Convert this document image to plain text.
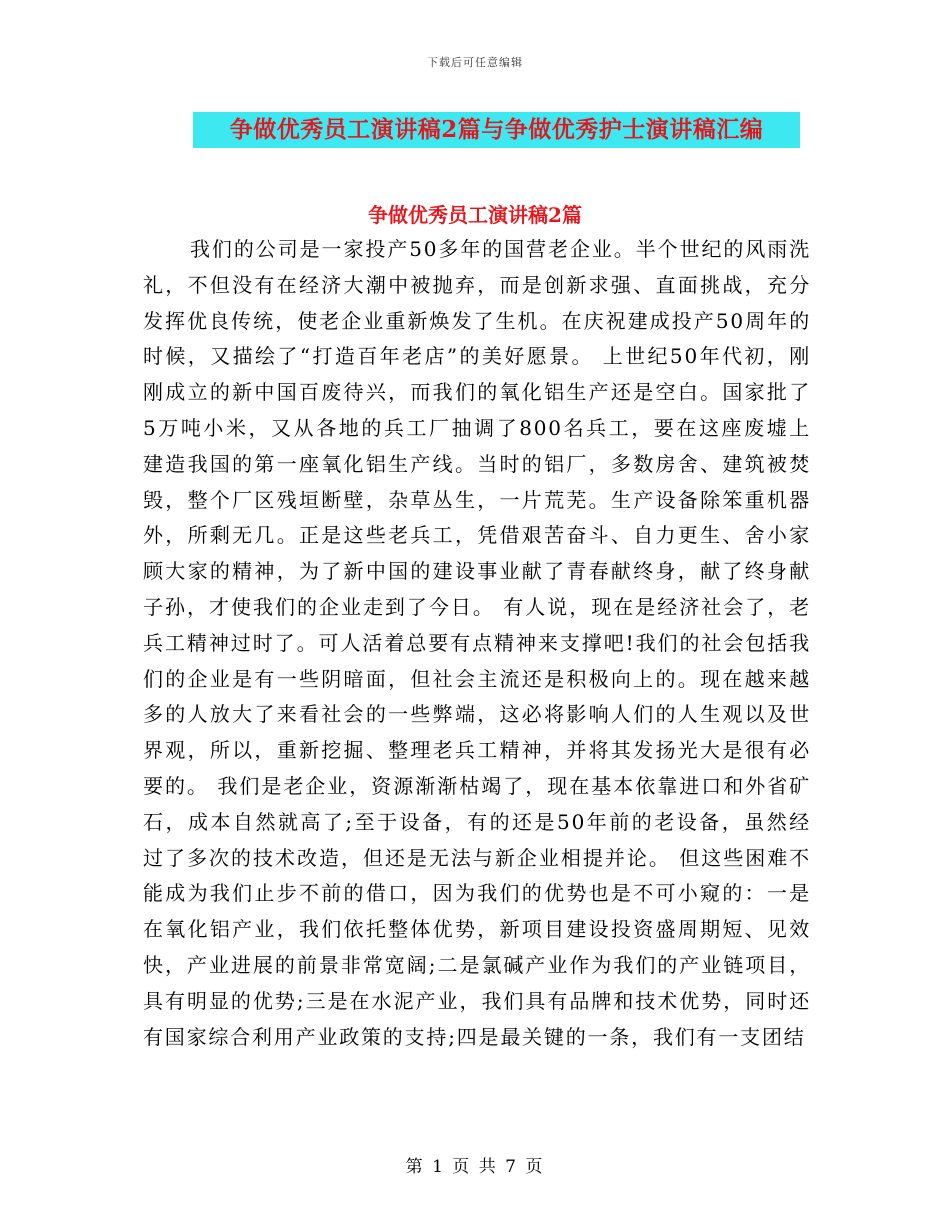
下载后可任意编辑
争做优秀员工演讲稿2篇与争做优秀护士演讲稿汇编
争做优秀员工演讲稿2篇
我们的公司是一家投产50多年的国营老企业。半个世纪的风雨洗礼，不但没有在经济大潮中被抛弃，而是创新求强、直面挑战，充分发挥优良传统，使老企业重新焕发了生机。在庆祝建成投产50周年的时候，又描绘了“打造百年老店”的美好愿景。 上世纪50年代初，刚刚成立的新中国百废待兴，而我们的氧化铝生产还是空白。国家批了5万吨小米，又从各地的兵工厂抽调了800名兵工，要在这座废墟上建造我国的第一座氧化铝生产线。当时的铝厂，多数房舍、建筑被焚毁，整个厂区残垣断壁，杂草丛生，一片荒芜。生产设备除笨重机器外，所剩无几。正是这些老兵工，凭借艰苦奋斗、自力更生、舍小家顾大家的精神，为了新中国的建设事业献了青春献终身，献了终身献子孙，才使我们的企业走到了今日。 有人说，现在是经济社会了，老兵工精神过时了。可人活着总要有点精神来支撑吧!我们的社会包括我们的企业是有一些阴暗面，但社会主流还是积极向上的。现在越来越多的人放大了来看社会的一些弊端，这必将影响人们的人生观以及世界观，所以，重新挖掘、整理老兵工精神，并将其发扬光大是很有必要的。 我们是老企业，资源渐渐枯竭了，现在基本依靠进口和外省矿石，成本自然就高了;至于设备，有的还是50年前的老设备，虽然经过了多次的技术改造，但还是无法与新企业相提并论。 但这些困难不能成为我们止步不前的借口，因为我们的优势也是不可小窥的：一是在氧化铝产业，我们依托整体优势，新项目建设投资盛周期短、见效快，产业进展的前景非常宽阔;二是氯碱产业作为我们的产业链项目，具有明显的优势;三是在水泥产业，我们具有品牌和技术优势，同时还有国家综合利用产业政策的支持;四是最关键的一条，我们有一支团结
第 1 页 共 7 页
